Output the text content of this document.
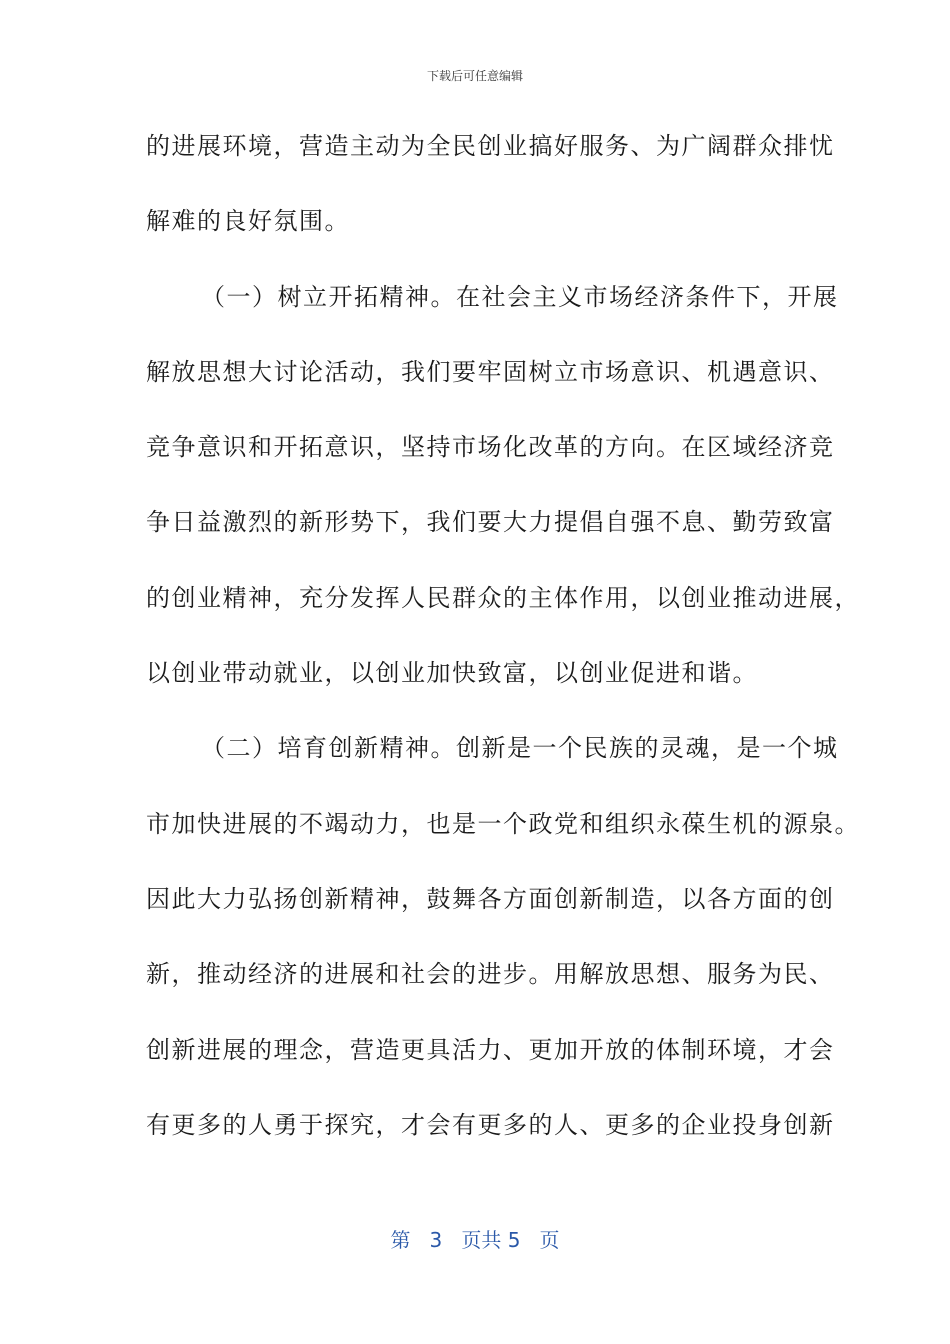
下载后可任意编辑
的进展环境，营造主动为全民创业搞好服务、为广阔群众排忧
解难的良好氛围。
（一）树立开拓精神。在社会主义市场经济条件下，开展
解放思想大讨论活动，我们要牢固树立市场意识、机遇意识、
竞争意识和开拓意识，坚持市场化改革的方向。在区域经济竞
争日益激烈的新形势下，我们要大力提倡自强不息、勤劳致富
的创业精神，充分发挥人民群众的主体作用，以创业推动进展，
以创业带动就业，以创业加快致富，以创业促进和谐。
（二）培育创新精神。创新是一个民族的灵魂，是一个城
市加快进展的不竭动力，也是一个政党和组织永葆生机的源泉。
因此大力弘扬创新精神，鼓舞各方面创新制造，以各方面的创
新，推动经济的进展和社会的进步。用解放思想、服务为民、
创新进展的理念，营造更具活力、更加开放的体制环境，才会
有更多的人勇于探究，才会有更多的人、更多的企业投身创新
第 3 页共 5 页
